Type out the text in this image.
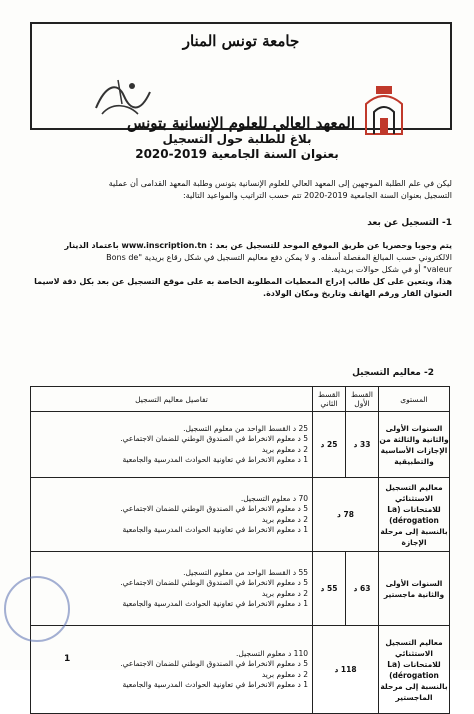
جامعة تونس المنار
المعهد العالي للعلوم الإنسانية بتونس
بلاغ للطلبة حول التسجيل
بعنوان السنة الجامعية 2019-2020
ليكن في علم الطلبة الموجهين إلى المعهد العالي للعلوم الإنسانية بتونس وطلبة المعهد القدامى أن عملية
التسجيل بعنوان السنة الجامعية 2019-2020 تتم حسب التراتيب والمواعيد التالية:
1- التسجيل عن بعد
يتم وجوبا وحصريا عن طريق الموقع الموحد للتسجيل عن بعد : www.inscription.tn باعتماد الدينار
الالكتروني حسب المبالغ المفصلة أسفله. و لا يمكن دفع معاليم التسجيل في شكل رقاع بريدية "Bons de
valeur" أو في شكل حوالات بريدية.
هذا، ويتعين على كل طالب إدراج المعطيات المطلوبة الخاصة به على موقع التسجيل عن بعد بكل دقة لاسيما
العنوان القار ورقم الهاتف وتاريخ ومكان الولادة.
2- معاليم التسجيل
المستوى	القسط الأول	القسط الثاني	تفاصيل معاليم التسجيل
السنوات الأولى والثانية والثالثة من الإجازات الأساسية والتطبيقية	33 د	25 د	25 د القسط الواحد من معلوم التسجيل.
5 د معلوم الانخراط في الصندوق الوطني للضمان الاجتماعي.
2 د معلوم بريد
1 د معلوم الانخراط في تعاونية الحوادث المدرسية والجامعية

معاليم التسجيل الاستثنائي للامتحانات (La dérogation) بالنسبة إلى مرحلة الإجازة	78 د		70 د معلوم التسجيل.
5 د معلوم الانخراط في الصندوق الوطني للضمان الاجتماعي.
2 د معلوم بريد
1 د معلوم الانخراط في تعاونية الحوادث المدرسية والجامعية

السنوات الأولى والثانية ماجستير	63 د	55 د	55 د القسط الواحد من معلوم التسجيل.
5 د معلوم الانخراط في الصندوق الوطني للضمان الاجتماعي.
2 د معلوم بريد
1 د معلوم الانخراط في تعاونية الحوادث المدرسية والجامعية

معاليم التسجيل الاستثنائي للامتحانات (La dérogation) بالنسبة إلى مرحلة الماجستير	118 د		110 د معلوم التسجيل.
5 د معلوم الانخراط في الصندوق الوطني للضمان الاجتماعي.
2 د معلوم بريد
1 د معلوم الانخراط في تعاونية الحوادث المدرسية والجامعية
1
